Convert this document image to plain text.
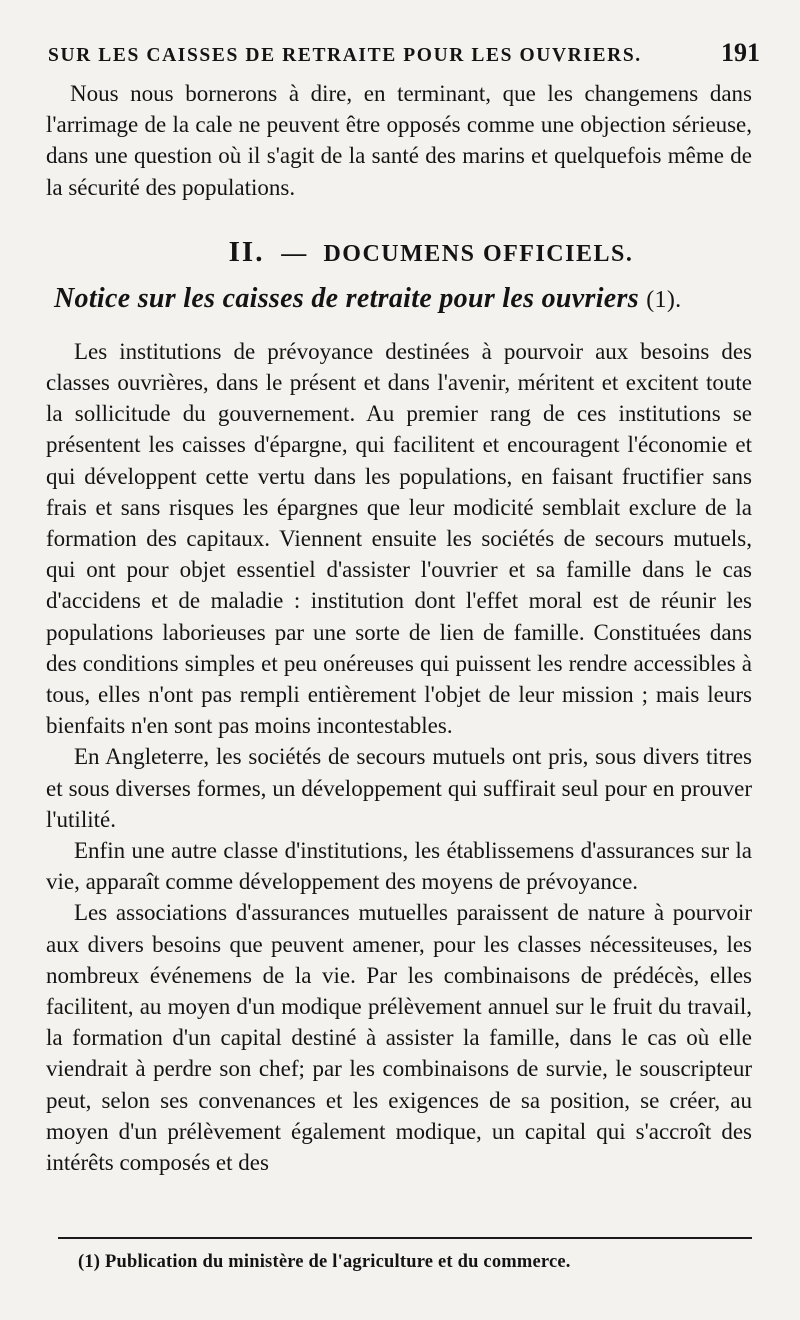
SUR LES CAISSES DE RETRAITE POUR LES OUVRIERS.	191

Nous nous bornerons à dire, en terminant, que les changemens dans l'arrimage de la cale ne peuvent être opposés comme une objection sérieuse, dans une question où il s'agit de la santé des marins et quelquefois même de la sécurité des populations.

II. — DOCUMENS OFFICIELS.
Notice sur les caisses de retraite pour les ouvriers (1).

Les institutions de prévoyance destinées à pourvoir aux besoins des classes ouvrières, dans le présent et dans l'avenir, méritent et excitent toute la sollicitude du gouvernement. Au premier rang de ces institutions se présentent les caisses d'épargne, qui facilitent et encouragent l'économie et qui développent cette vertu dans les populations, en faisant fructifier sans frais et sans risques les épargnes que leur modicité semblait exclure de la formation des capitaux. Viennent ensuite les sociétés de secours mutuels, qui ont pour objet essentiel d'assister l'ouvrier et sa famille dans le cas d'accidens et de maladie : institution dont l'effet moral est de réunir les populations laborieuses par une sorte de lien de famille. Constituées dans des conditions simples et peu onéreuses qui puissent les rendre accessibles à tous, elles n'ont pas rempli entièrement l'objet de leur mission ; mais leurs bienfaits n'en sont pas moins incontestables.

En Angleterre, les sociétés de secours mutuels ont pris, sous divers titres et sous diverses formes, un développement qui suffirait seul pour en prouver l'utilité.

Enfin une autre classe d'institutions, les établissemens d'assurances sur la vie, apparaît comme développement des moyens de prévoyance.

Les associations d'assurances mutuelles paraissent de nature à pourvoir aux divers besoins que peuvent amener, pour les classes nécessiteuses, les nombreux événemens de la vie. Par les combinaisons de prédécès, elles facilitent, au moyen d'un modique prélèvement annuel sur le fruit du travail, la formation d'un capital destiné à assister la famille, dans le cas où elle viendrait à perdre son chef; par les combinaisons de survie, le souscripteur peut, selon ses convenances et les exigences de sa position, se créer, au moyen d'un prélèvement également modique, un capital qui s'accroît des intérêts composés et des

(1) Publication du ministère de l'agriculture et du commerce.
